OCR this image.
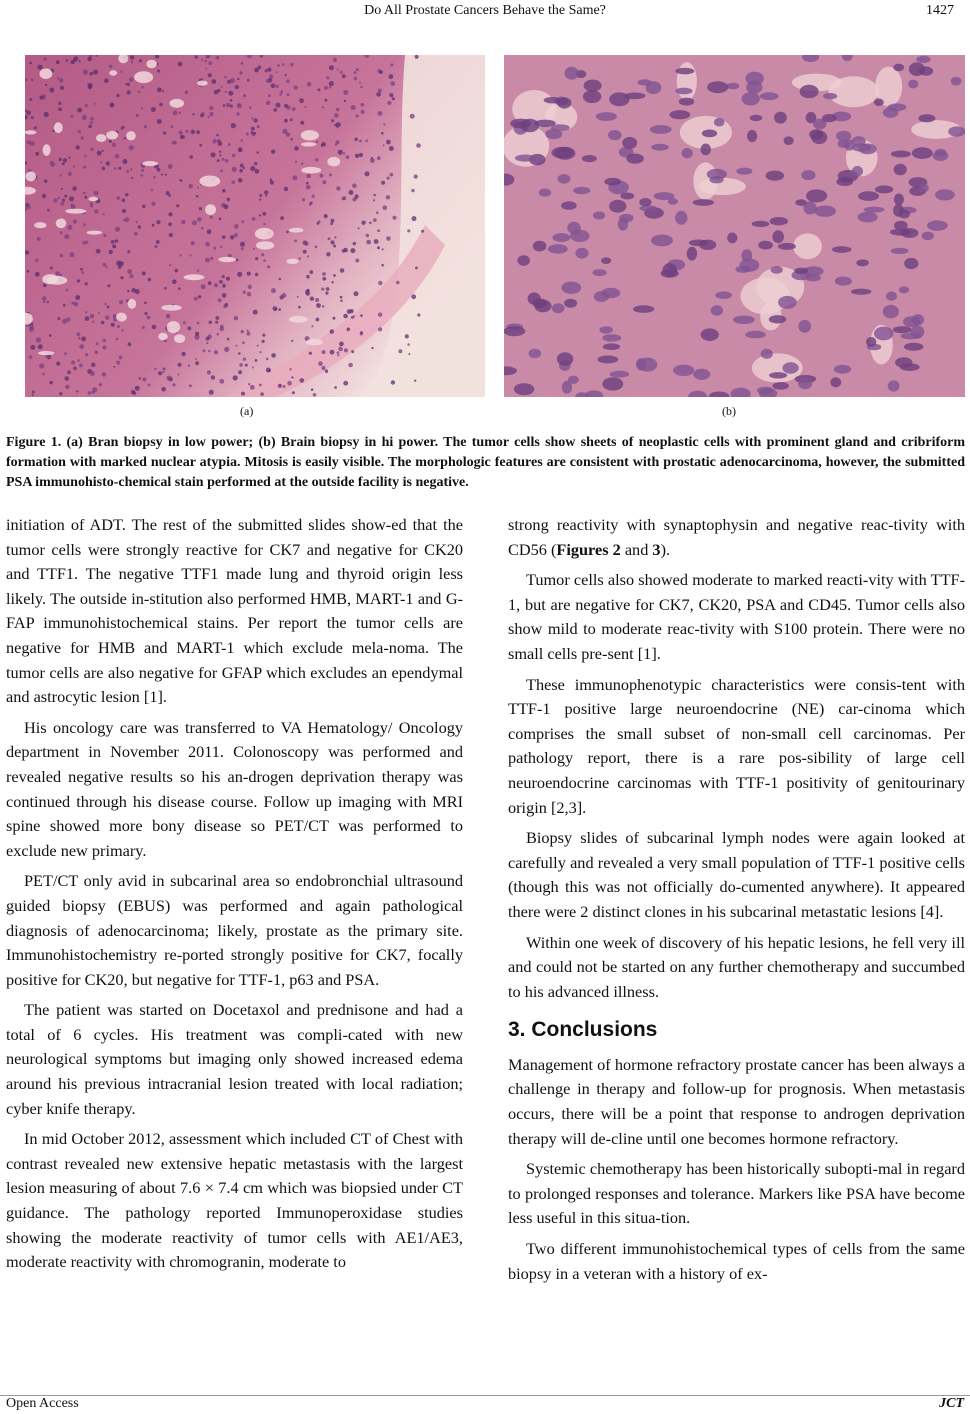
Do All Prostate Cancers Behave the Same?	1427
(a)	(b)
Figure 1. (a) Bran biopsy in low power; (b) Brain biopsy in hi power. The tumor cells show sheets of neoplastic cells with prominent gland and cribriform formation with marked nuclear atypia. Mitosis is easily visible. The morphologic features are consistent with prostatic adenocarcinoma, however, the submitted PSA immunohisto-chemical stain performed at the outside facility is negative.

initiation of ADT. The rest of the submitted slides show-ed that the tumor cells were strongly reactive for CK7 and negative for CK20 and TTF1. The negative TTF1 made lung and thyroid origin less likely. The outside in-stitution also performed HMB, MART-1 and G-FAP immunohistochemical stains. Per report the tumor cells are negative for HMB and MART-1 which exclude mela-noma. The tumor cells are also negative for GFAP which excludes an ependymal and astrocytic lesion [1].

His oncology care was transferred to VA Hematology/ Oncology department in November 2011. Colonoscopy was performed and revealed negative results so his an-drogen deprivation therapy was continued through his disease course. Follow up imaging with MRI spine showed more bony disease so PET/CT was performed to exclude new primary.

PET/CT only avid in subcarinal area so endobronchial ultrasound guided biopsy (EBUS) was performed and again pathological diagnosis of adenocarcinoma; likely, prostate as the primary site. Immunohistochemistry re-ported strongly positive for CK7, focally positive for CK20, but negative for TTF-1, p63 and PSA.

The patient was started on Docetaxol and prednisone and had a total of 6 cycles. His treatment was compli-cated with new neurological symptoms but imaging only showed increased edema around his previous intracranial lesion treated with local radiation; cyber knife therapy.

In mid October 2012, assessment which included CT of Chest with contrast revealed new extensive hepatic metastasis with the largest lesion measuring of about 7.6 × 7.4 cm which was biopsied under CT guidance. The pathology reported Immunoperoxidase studies showing the moderate reactivity of tumor cells with AE1/AE3, moderate reactivity with chromogranin, moderate to

strong reactivity with synaptophysin and negative reac-tivity with CD56 (Figures 2 and 3).

Tumor cells also showed moderate to marked reacti-vity with TTF-1, but are negative for CK7, CK20, PSA and CD45. Tumor cells also show mild to moderate reac-tivity with S100 protein. There were no small cells pre-sent [1].

These immunophenotypic characteristics were consis-tent with TTF-1 positive large neuroendocrine (NE) car-cinoma which comprises the small subset of non-small cell carcinomas. Per pathology report, there is a rare pos-sibility of large cell neuroendocrine carcinomas with TTF-1 positivity of genitourinary origin [2,3].

Biopsy slides of subcarinal lymph nodes were again looked at carefully and revealed a very small population of TTF-1 positive cells (though this was not officially do-cumented anywhere). It appeared there were 2 distinct clones in his subcarinal metastatic lesions [4].

Within one week of discovery of his hepatic lesions, he fell very ill and could not be started on any further chemotherapy and succumbed to his advanced illness.

3. Conclusions

Management of hormone refractory prostate cancer has been always a challenge in therapy and follow-up for prognosis. When metastasis occurs, there will be a point that response to androgen deprivation therapy will de-cline until one becomes hormone refractory.

Systemic chemotherapy has been historically subopti-mal in regard to prolonged responses and tolerance. Markers like PSA have become less useful in this situa-tion.

Two different immunohistochemical types of cells from the same biopsy in a veteran with a history of ex-

Open Access	JCT
